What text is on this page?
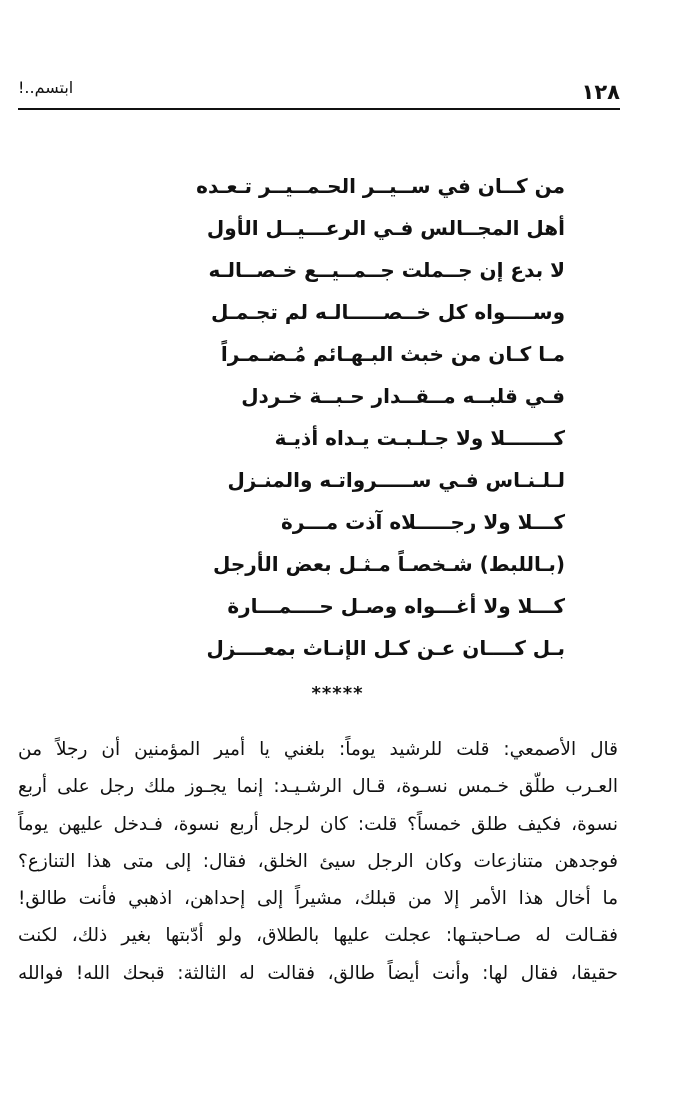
١٢٨
ابتسم..!
من كــان في ســيــر الحـمــيــر تـعـده
أهل المجــالس فـي الرعـــيــل الأول
لا بدع إن جــملت جــمــيــع خـصــالـه
وســــواه كل خــصـــــالـه لم تجـمـل
مـا كـان من خبث البـهـائم مُـضـمـراً
فـي قلبــه مــقــدار حـبــة خـردل
كـــــــلا ولا جـلـبـت يـداه أذيـة
لـلـنـاس فـي ســـــرواتـه والمنـزل
كـــلا ولا رجـــــلاه آذت مـــرة
(بـاللبط) شـخصـاً مـثـل بعض الأرجل
كـــلا ولا أغـــواه وصـل حــــمـــارة
بـل كــــان عـن كـل الإنـاث بمعــــزل
*****
قال الأصمعي: قلت للرشيد يوماً: بلغني يا أمير المؤمنين أن رجلاً من
العـرب طلّق خـمس نسـوة، قـال الرشـيـد: إنما يجـوز ملك رجل على أربع
نسوة، فكيف طلق خمساً؟ قلت: كان لرجل أربع نسوة، فـدخل عليهن يوماً
فوجدهن متنازعات وكان الرجل سيئ الخلق، فقال: إلى متى هذا التنازع؟
ما أخال هذا الأمر إلا من قبلك، مشيراً إلى إحداهن، اذهبي فأنت طالق!
فقـالت له صـاحبتـها: عجلت عليها بالطلاق، ولو أدّبتها بغير ذلك، لكنت
حقيقا، فقال لها: وأنت أيضاً طالق، فقالت له الثالثة: قبحك الله! فوالله
